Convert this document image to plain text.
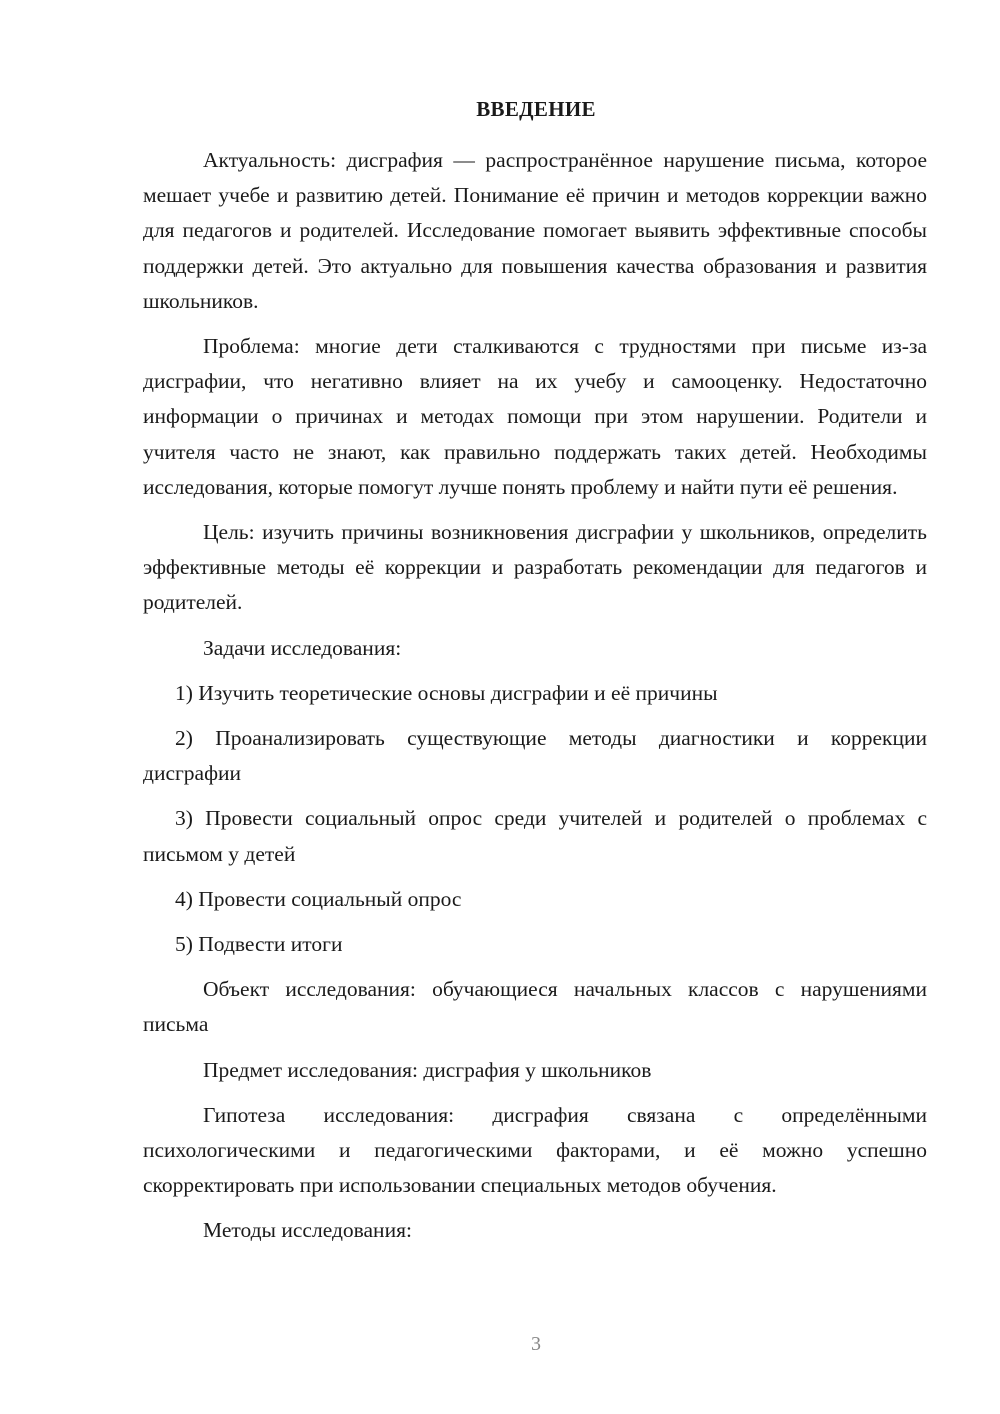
ВВЕДЕНИЕ

Актуальность: дисграфия — распространённое нарушение письма, которое мешает учебе и развитию детей. Понимание её причин и методов коррекции важно для педагогов и родителей. Исследование помогает выявить эффективные способы поддержки детей. Это актуально для повышения качества образования и развития школьников.

Проблема: многие дети сталкиваются с трудностями при письме из-за дисграфии, что негативно влияет на их учебу и самооценку. Недостаточно информации о причинах и методах помощи при этом нарушении. Родители и учителя часто не знают, как правильно поддержать таких детей. Необходимы исследования, которые помогут лучше понять проблему и найти пути её решения.

Цель: изучить причины возникновения дисграфии у школьников, определить эффективные методы её коррекции и разработать рекомендации для педагогов и родителей.

Задачи исследования:

1) Изучить теоретические основы дисграфии и её причины

2) Проанализировать существующие методы диагностики и коррекции дисграфии

3) Провести социальный опрос среди учителей и родителей о проблемах с письмом у детей

4) Провести социальный опрос

5) Подвести итоги

Объект исследования: обучающиеся начальных классов с нарушениями письма

Предмет исследования: дисграфия у школьников

Гипотеза исследования: дисграфия связана с определёнными психологическими и педагогическими факторами, и её можно успешно скорректировать при использовании специальных методов обучения.

Методы исследования:

3
